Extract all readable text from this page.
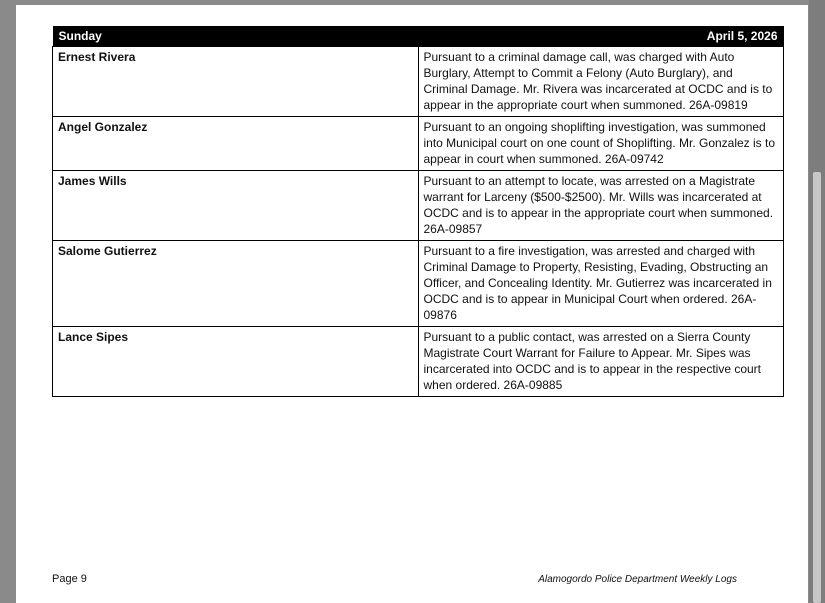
Sunday	April 5, 2026
Ernest Rivera	Pursuant to a criminal damage call, was charged with Auto Burglary, Attempt to Commit a Felony (Auto Burglary), and Criminal Damage. Mr. Rivera was incarcerated at OCDC and is to appear in the appropriate court when summoned. 26A-09819
Angel Gonzalez	Pursuant to an ongoing shoplifting investigation, was summoned into Municipal court on one count of Shoplifting. Mr. Gonzalez is to appear in court when summoned. 26A-09742
James Wills	Pursuant to an attempt to locate, was arrested on a Magistrate warrant for Larceny ($500-$2500). Mr. Wills was incarcerated at OCDC and is to appear in the appropriate court when summoned. 26A-09857
Salome Gutierrez	Pursuant to a fire investigation, was arrested and charged with Criminal Damage to Property, Resisting, Evading, Obstructing an Officer, and Concealing Identity. Mr. Gutierrez was incarcerated in OCDC and is to appear in Municipal Court when ordered. 26A-09876
Lance Sipes	Pursuant to a public contact, was arrested on a Sierra County Magistrate Court Warrant for Failure to Appear. Mr. Sipes was incarcerated into OCDC and is to appear in the respective court when ordered. 26A-09885
Page 9	Alamogordo Police Department Weekly Logs
